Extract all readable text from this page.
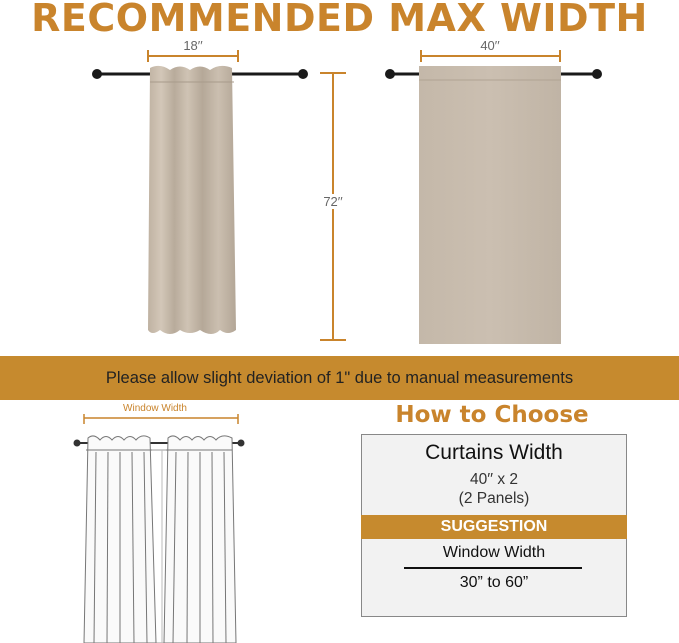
RECOMMENDED MAX WIDTH
18′′	40′′
72′′
Please allow slight deviation of 1" due to manual measurements
Window Width	How to Choose
Curtains Width
40′′ x 2
(2 Panels)
SUGGESTION
Window Width
30” to 60”
